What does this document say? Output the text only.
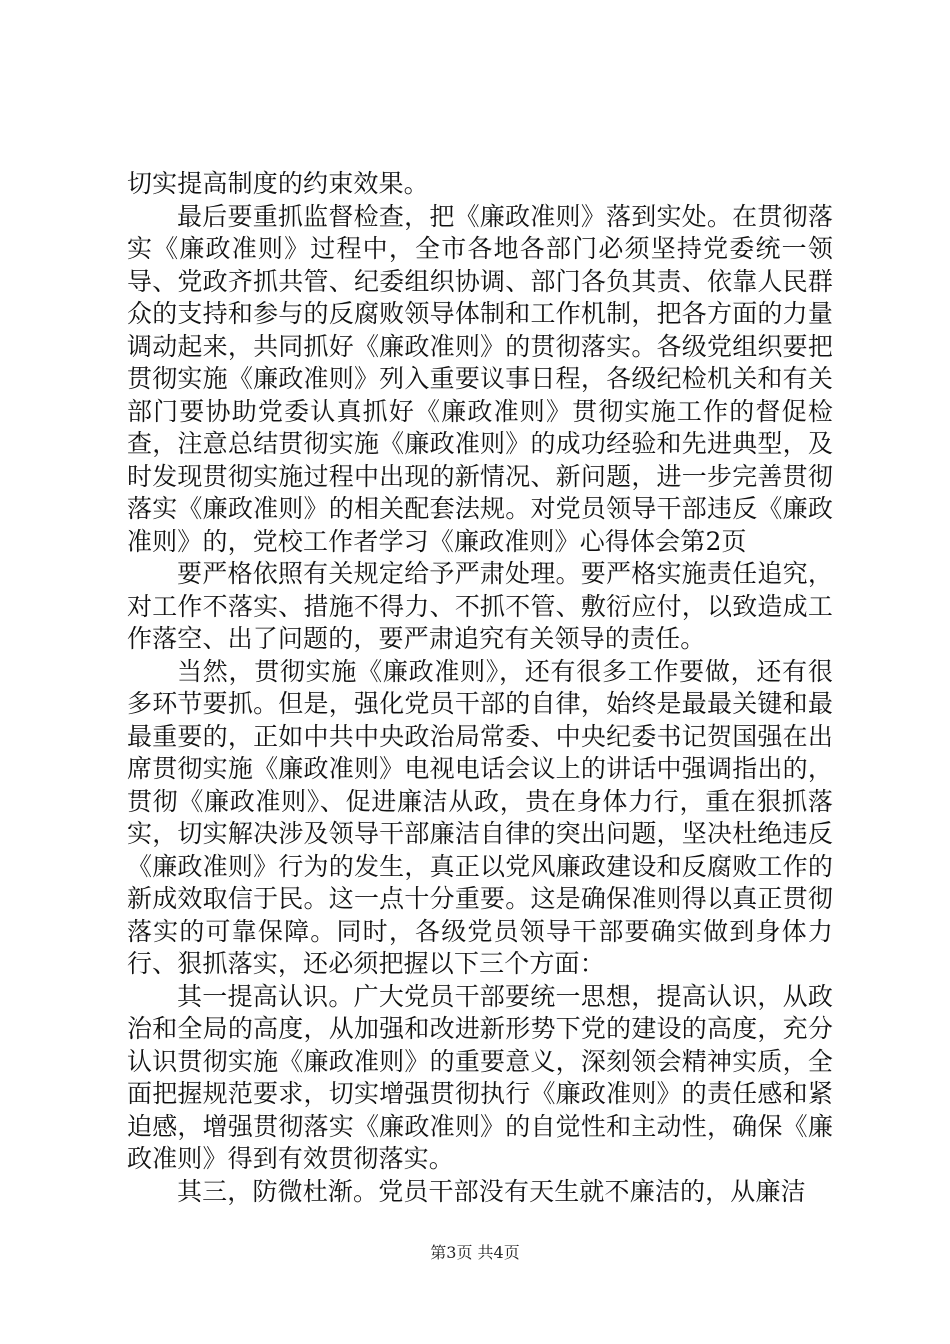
切实提高制度的约束效果。

最后要重抓监督检查，把《廉政准则》落到实处。在贯彻落实《廉政准则》过程中，全市各地各部门必须坚持党委统一领导、党政齐抓共管、纪委组织协调、部门各负其责、依靠人民群众的支持和参与的反腐败领导体制和工作机制，把各方面的力量调动起来，共同抓好《廉政准则》的贯彻落实。各级党组织要把贯彻实施《廉政准则》列入重要议事日程，各级纪检机关和有关部门要协助党委认真抓好《廉政准则》贯彻实施工作的督促检查，注意总结贯彻实施《廉政准则》的成功经验和先进典型，及时发现贯彻实施过程中出现的新情况、新问题，进一步完善贯彻落实《廉政准则》的相关配套法规。对党员领导干部违反《廉政准则》的，党校工作者学习《廉政准则》心得体会第2页

要严格依照有关规定给予严肃处理。要严格实施责任追究，对工作不落实、措施不得力、不抓不管、敷衍应付，以致造成工作落空、出了问题的，要严肃追究有关领导的责任。

当然，贯彻实施《廉政准则》，还有很多工作要做，还有很多环节要抓。但是，强化党员干部的自律，始终是最最关键和最最重要的，正如中共中央政治局常委、中央纪委书记贺国强在出席贯彻实施《廉政准则》电视电话会议上的讲话中强调指出的，贯彻《廉政准则》、促进廉洁从政，贵在身体力行，重在狠抓落实，切实解决涉及领导干部廉洁自律的突出问题，坚决杜绝违反《廉政准则》行为的发生，真正以党风廉政建设和反腐败工作的新成效取信于民。这一点十分重要。这是确保准则得以真正贯彻落实的可靠保障。同时，各级党员领导干部要确实做到身体力行、狠抓落实，还必须把握以下三个方面：

其一提高认识。广大党员干部要统一思想，提高认识，从政治和全局的高度，从加强和改进新形势下党的建设的高度，充分认识贯彻实施《廉政准则》的重要意义，深刻领会精神实质，全面把握规范要求，切实增强贯彻执行《廉政准则》的责任感和紧迫感，增强贯彻落实《廉政准则》的自觉性和主动性，确保《廉政准则》得到有效贯彻落实。

其三，防微杜渐。党员干部没有天生就不廉洁的，从廉洁

第3页 共4页
